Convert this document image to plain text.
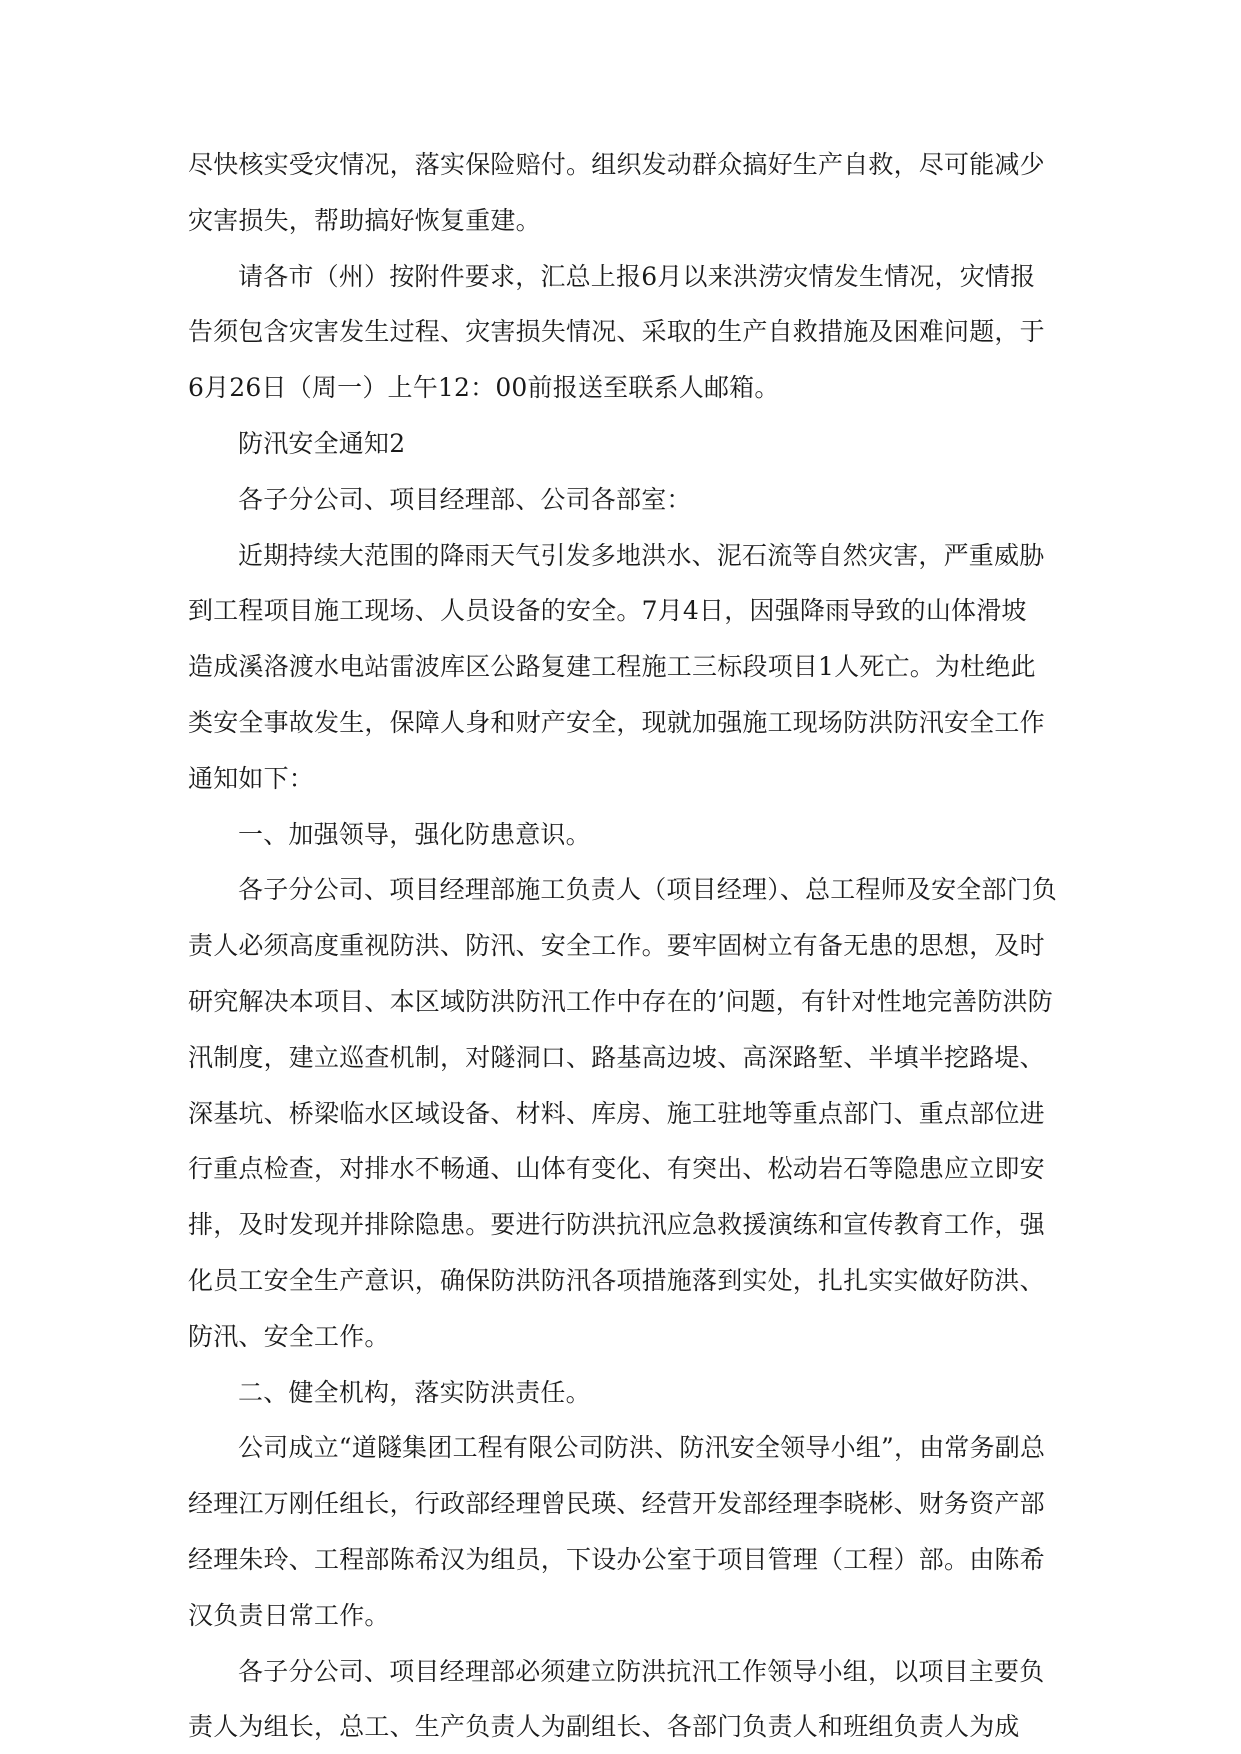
尽快核实受灾情况，落实保险赔付。组织发动群众搞好生产自救，尽可能减少
灾害损失，帮助搞好恢复重建。
请各市（州）按附件要求，汇总上报6月以来洪涝灾情发生情况，灾情报
告须包含灾害发生过程、灾害损失情况、采取的生产自救措施及困难问题，于
6月26日（周一）上午12：00前报送至联系人邮箱。
防汛安全通知2
各子分公司、项目经理部、公司各部室：
近期持续大范围的降雨天气引发多地洪水、泥石流等自然灾害，严重威胁
到工程项目施工现场、人员设备的安全。7月4日，因强降雨导致的山体滑坡
造成溪洛渡水电站雷波库区公路复建工程施工三标段项目1人死亡。为杜绝此
类安全事故发生，保障人身和财产安全，现就加强施工现场防洪防汛安全工作
通知如下：
一、加强领导，强化防患意识。
各子分公司、项目经理部施工负责人（项目经理）、总工程师及安全部门负
责人必须高度重视防洪、防汛、安全工作。要牢固树立有备无患的思想，及时
研究解决本项目、本区域防洪防汛工作中存在的’问题，有针对性地完善防洪防
汛制度，建立巡查机制，对隧洞口、路基高边坡、高深路堑、半填半挖路堤、
深基坑、桥梁临水区域设备、材料、库房、施工驻地等重点部门、重点部位进
行重点检查，对排水不畅通、山体有变化、有突出、松动岩石等隐患应立即安
排，及时发现并排除隐患。要进行防洪抗汛应急救援演练和宣传教育工作，强
化员工安全生产意识，确保防洪防汛各项措施落到实处，扎扎实实做好防洪、
防汛、安全工作。
二、健全机构，落实防洪责任。
公司成立“道隧集团工程有限公司防洪、防汛安全领导小组”，由常务副总
经理江万刚任组长，行政部经理曾民瑛、经营开发部经理李晓彬、财务资产部
经理朱玲、工程部陈希汉为组员，下设办公室于项目管理（工程）部。由陈希
汉负责日常工作。
各子分公司、项目经理部必须建立防洪抗汛工作领导小组，以项目主要负
责人为组长，总工、生产负责人为副组长、各部门负责人和班组负责人为成
